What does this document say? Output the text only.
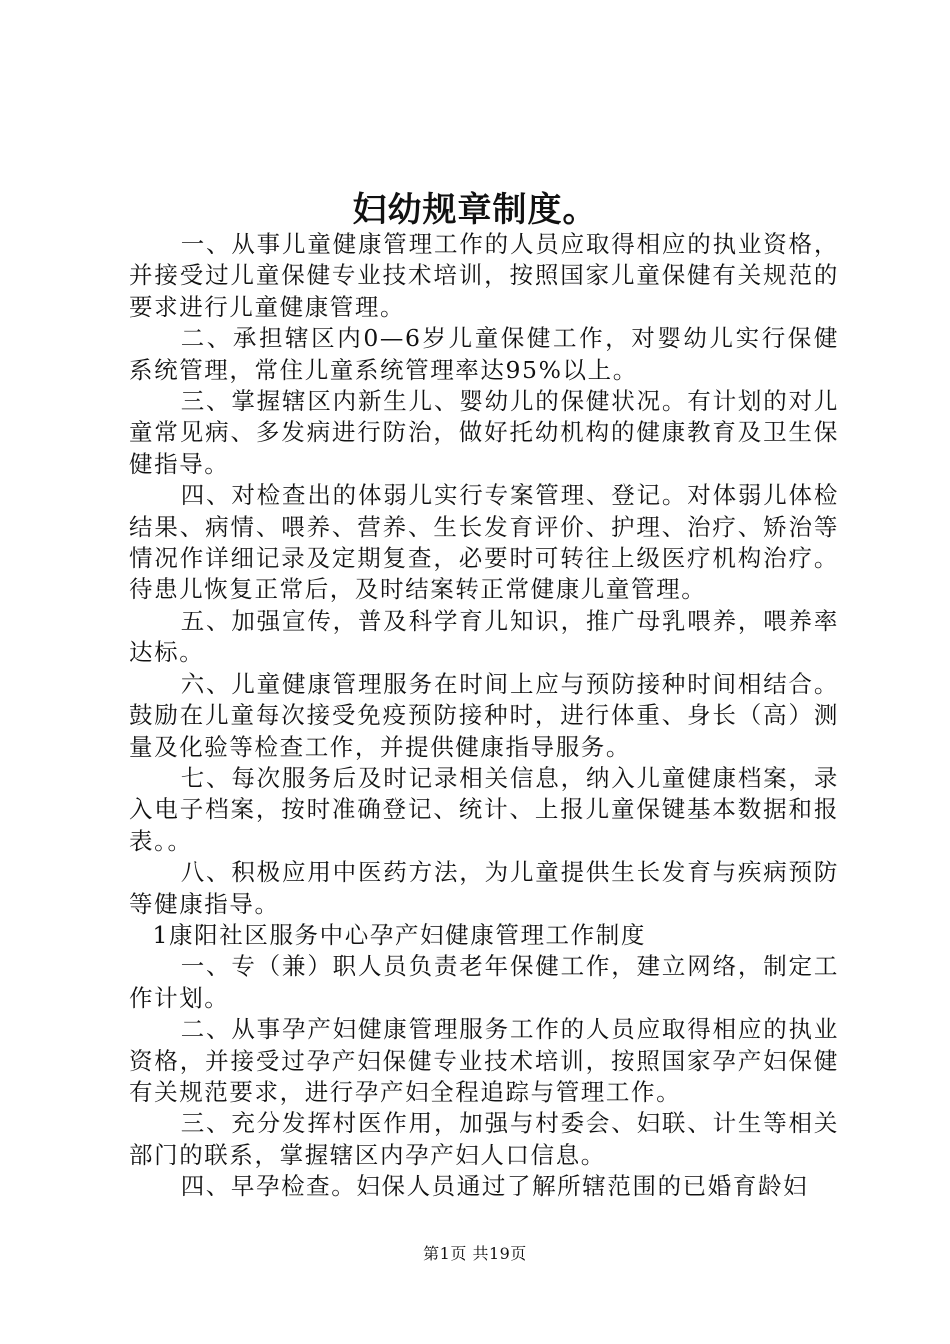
妇幼规章制度。

一、从事儿童健康管理工作的人员应取得相应的执业资格，并接受过儿童保健专业技术培训，按照国家儿童保健有关规范的要求进行儿童健康管理。

二、承担辖区内0—6岁儿童保健工作，对婴幼儿实行保健系统管理，常住儿童系统管理率达95%以上。

三、掌握辖区内新生儿、婴幼儿的保健状况。有计划的对儿童常见病、多发病进行防治，做好托幼机构的健康教育及卫生保健指导。

四、对检查出的体弱儿实行专案管理、登记。对体弱儿体检结果、病情、喂养、营养、生长发育评价、护理、治疗、矫治等情况作详细记录及定期复查，必要时可转往上级医疗机构治疗。待患儿恢复正常后，及时结案转正常健康儿童管理。

五、加强宣传，普及科学育儿知识，推广母乳喂养，喂养率达标。

六、儿童健康管理服务在时间上应与预防接种时间相结合。鼓励在儿童每次接受免疫预防接种时，进行体重、身长（高）测量及化验等检查工作，并提供健康指导服务。

七、每次服务后及时记录相关信息，纳入儿童健康档案，录入电子档案，按时准确登记、统计、上报儿童保键基本数据和报表。。

八、积极应用中医药方法，为儿童提供生长发育与疾病预防等健康指导。

1康阳社区服务中心孕产妇健康管理工作制度

一、专（兼）职人员负责老年保健工作，建立网络，制定工作计划。

二、从事孕产妇健康管理服务工作的人员应取得相应的执业资格，并接受过孕产妇保健专业技术培训，按照国家孕产妇保健有关规范要求，进行孕产妇全程追踪与管理工作。

三、充分发挥村医作用，加强与村委会、妇联、计生等相关部门的联系，掌握辖区内孕产妇人口信息。

四、早孕检查。妇保人员通过了解所辖范围的已婚育龄妇

第1页 共19页
